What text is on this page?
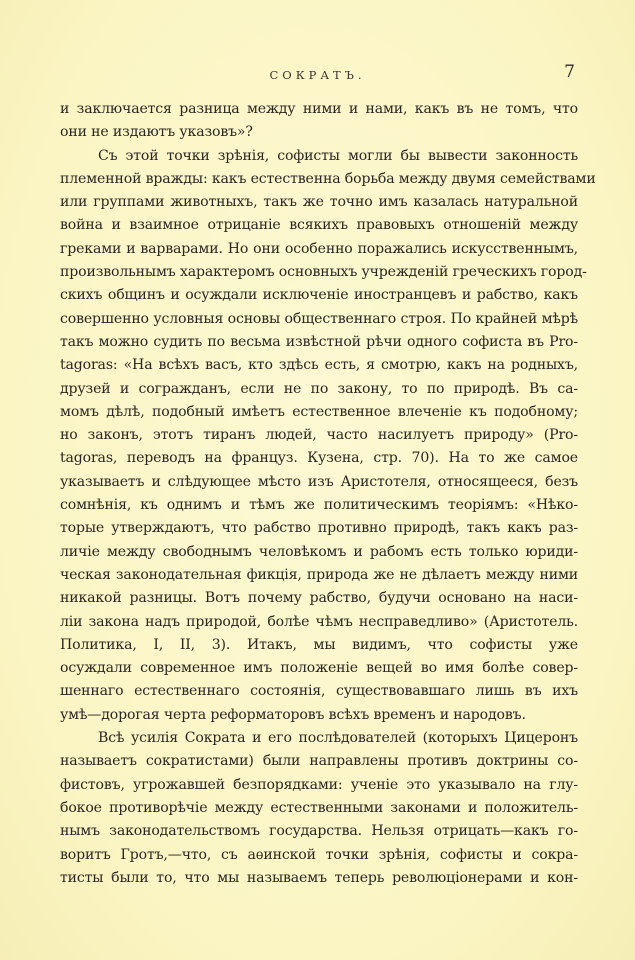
СОКРАТЪ.	7
и заключается разница между ними и нами, какъ въ не томъ, что
они не издаютъ указовъ»?
Съ этой точки зрѣнія, софисты могли бы вывести законность
племенной вражды: какъ естественна борьба между двумя семействами
или группами животныхъ, такъ же точно имъ казалась натуральной
война и взаимное отрицаніе всякихъ правовыхъ отношеній между
греками и варварами. Но они особенно поражались искусственнымъ,
произвольнымъ характеромъ основныхъ учрежденій греческихъ город-
скихъ общинъ и осуждали исключеніе иностранцевъ и рабство, какъ
совершенно условныя основы общественнаго строя. По крайней мѣрѣ
такъ можно судить по весьма извѣстной рѣчи одного софиста въ Pro-
tagoras: «На всѣхъ васъ, кто здѣсь есть, я смотрю, какъ на родныхъ,
друзей и согражданъ, если не по закону, то по природѣ. Въ са-
момъ дѣлѣ, подобный имѣетъ естественное влеченіе къ подобному;
но законъ, этотъ тиранъ людей, часто насилуетъ природу» (Pro-
tagoras, переводъ на француз. Кузена, стр. 70). На то же самое
указываетъ и слѣдующее мѣсто изъ Аристотеля, относящееся, безъ
сомнѣнія, къ однимъ и тѣмъ же политическимъ теоріямъ: «Нѣко-
торые утверждаютъ, что рабство противно природѣ, такъ какъ раз-
личіе между свободнымъ человѣкомъ и рабомъ есть только юриди-
ческая законодательная фикція, природа же не дѣлаетъ между ними
никакой разницы. Вотъ почему рабство, будучи основано на наси-
ліи закона надъ природой, болѣе чѣмъ несправедливо» (Аристотель.
Политика, I, II, 3). Итакъ, мы видимъ, что софисты уже
осуждали современное имъ положеніе вещей во имя болѣе совер-
шеннаго естественнаго состоянія, существовавшаго лишь въ ихъ
умѣ—дорогая черта реформаторовъ всѣхъ временъ и народовъ.
Всѣ усилія Сократа и его послѣдователей (которыхъ Цицеронъ
называетъ сократистами) были направлены противъ доктрины со-
фистовъ, угрожавшей безпорядками: ученіе это указывало на глу-
бокое противорѣчіе между естественными законами и положитель-
нымъ законодательствомъ государства. Нельзя отрицать—какъ го-
воритъ Гротъ,—что, съ аѳинской точки зрѣнія, софисты и сокра-
тисты были то, что мы называемъ теперь революціонерами и кон-
